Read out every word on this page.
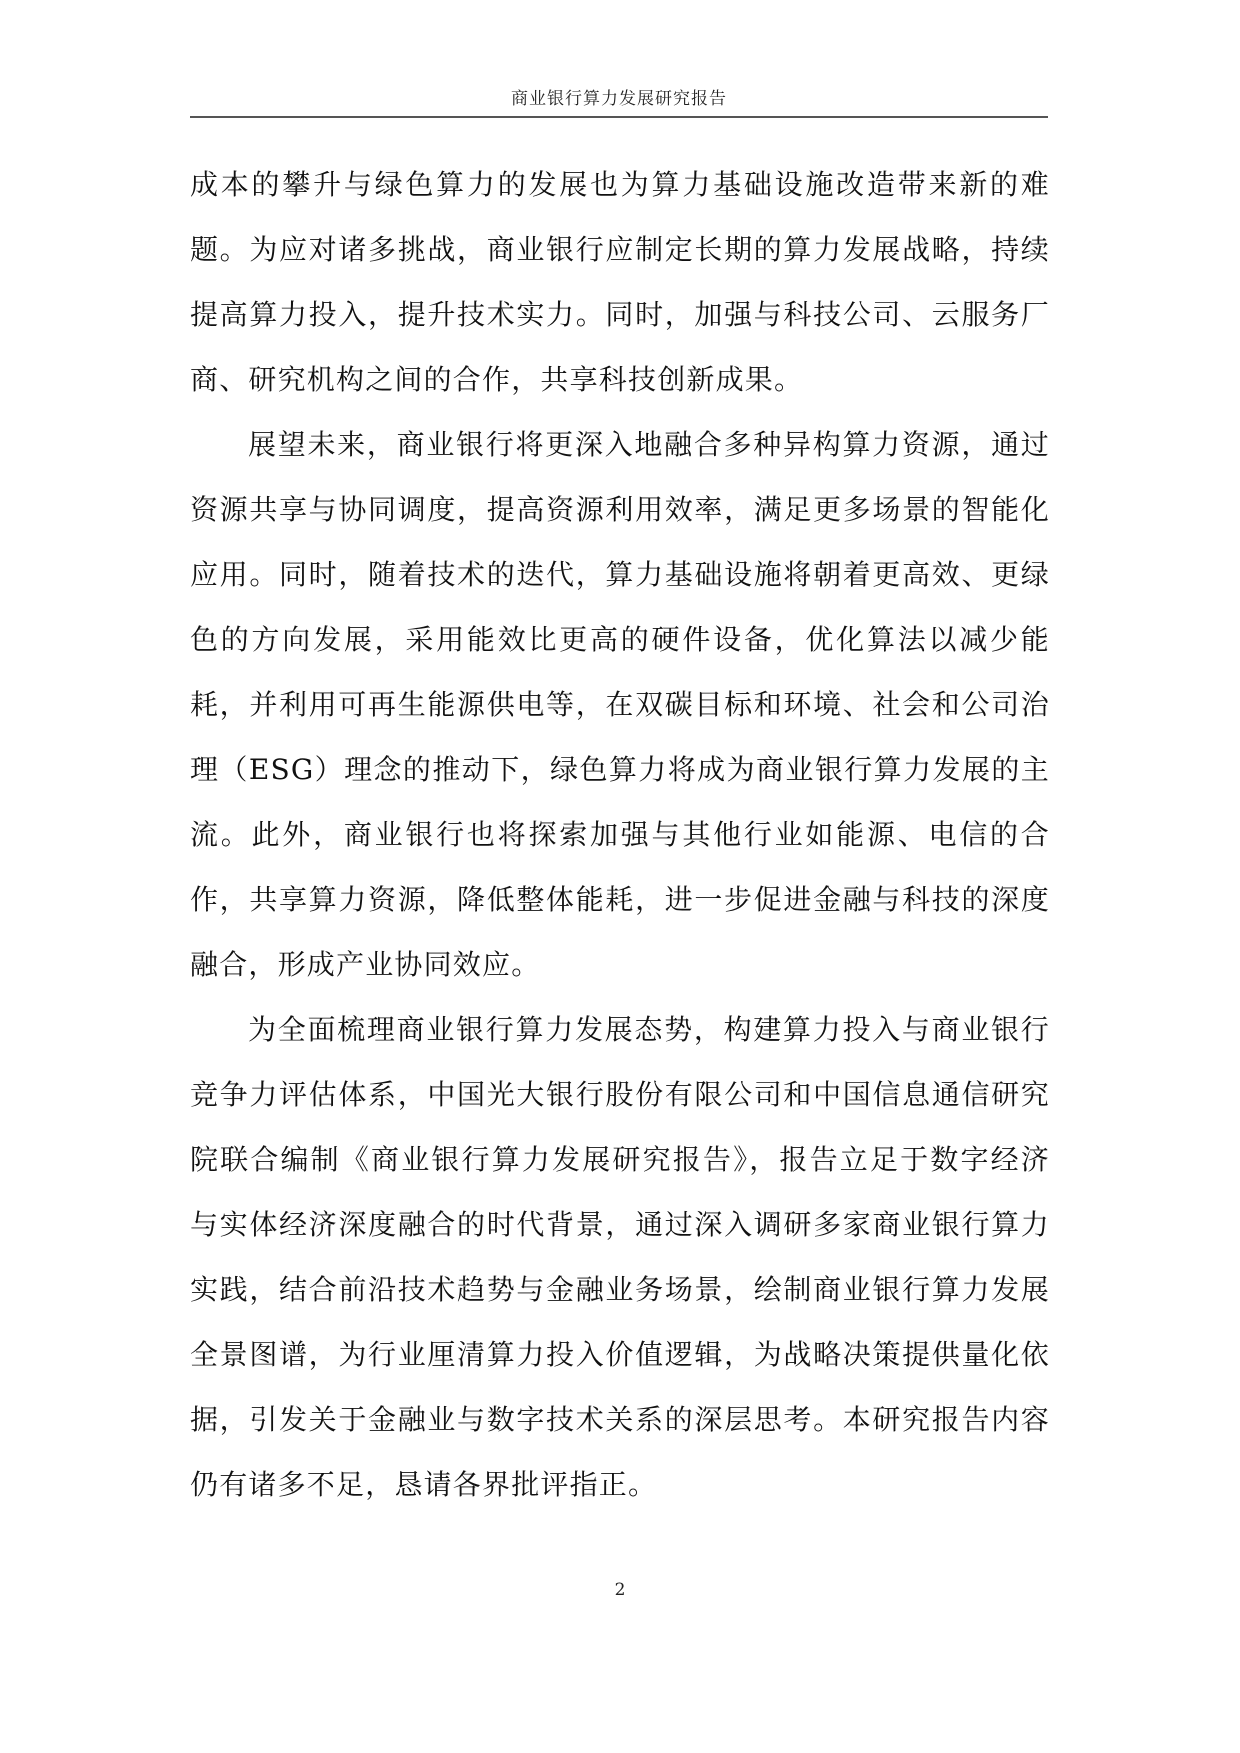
商业银行算力发展研究报告

成本的攀升与绿色算力的发展也为算力基础设施改造带来新的难题。为应对诸多挑战，商业银行应制定长期的算力发展战略，持续提高算力投入，提升技术实力。同时，加强与科技公司、云服务厂商、研究机构之间的合作，共享科技创新成果。

展望未来，商业银行将更深入地融合多种异构算力资源，通过资源共享与协同调度，提高资源利用效率，满足更多场景的智能化应用。同时，随着技术的迭代，算力基础设施将朝着更高效、更绿色的方向发展，采用能效比更高的硬件设备，优化算法以减少能耗，并利用可再生能源供电等，在双碳目标和环境、社会和公司治理（ESG）理念的推动下，绿色算力将成为商业银行算力发展的主流。此外，商业银行也将探索加强与其他行业如能源、电信的合作，共享算力资源，降低整体能耗，进一步促进金融与科技的深度融合，形成产业协同效应。

为全面梳理商业银行算力发展态势，构建算力投入与商业银行竞争力评估体系，中国光大银行股份有限公司和中国信息通信研究院联合编制《商业银行算力发展研究报告》，报告立足于数字经济与实体经济深度融合的时代背景，通过深入调研多家商业银行算力实践，结合前沿技术趋势与金融业务场景，绘制商业银行算力发展全景图谱，为行业厘清算力投入价值逻辑，为战略决策提供量化依据，引发关于金融业与数字技术关系的深层思考。本研究报告内容仍有诸多不足，恳请各界批评指正。

2
